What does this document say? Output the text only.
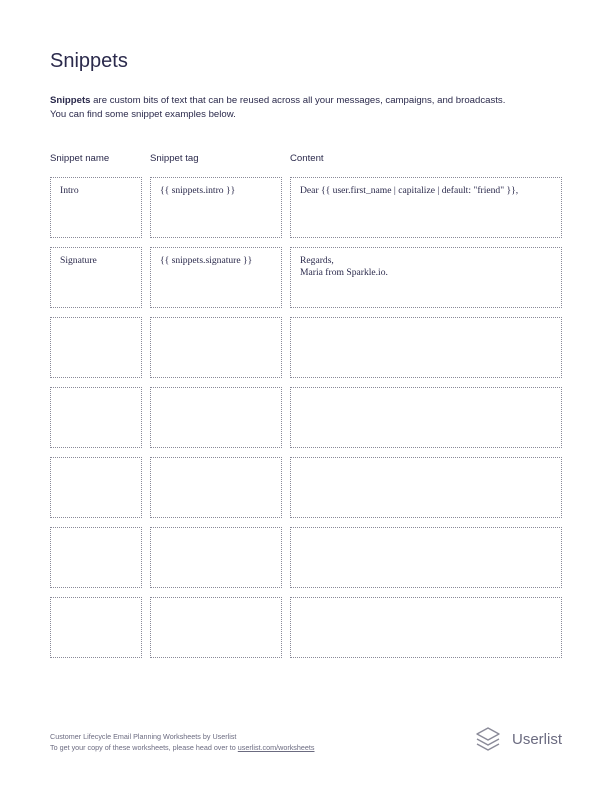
Snippets

Snippets are custom bits of text that can be reused across all your messages, campaigns, and broadcasts.
You can find some snippet examples below.

Snippet name	Snippet tag	Content
Intro	{{ snippets.intro }}	Dear {{ user.first_name | capitalize | default: "friend" }},
Signature	{{ snippets.signature }}	Regards,
Maria from Sparkle.io.
Customer Lifecycle Email Planning Worksheets by Userlist
To get your copy of these worksheets, please head over to userlist.com/worksheets	Userlist
